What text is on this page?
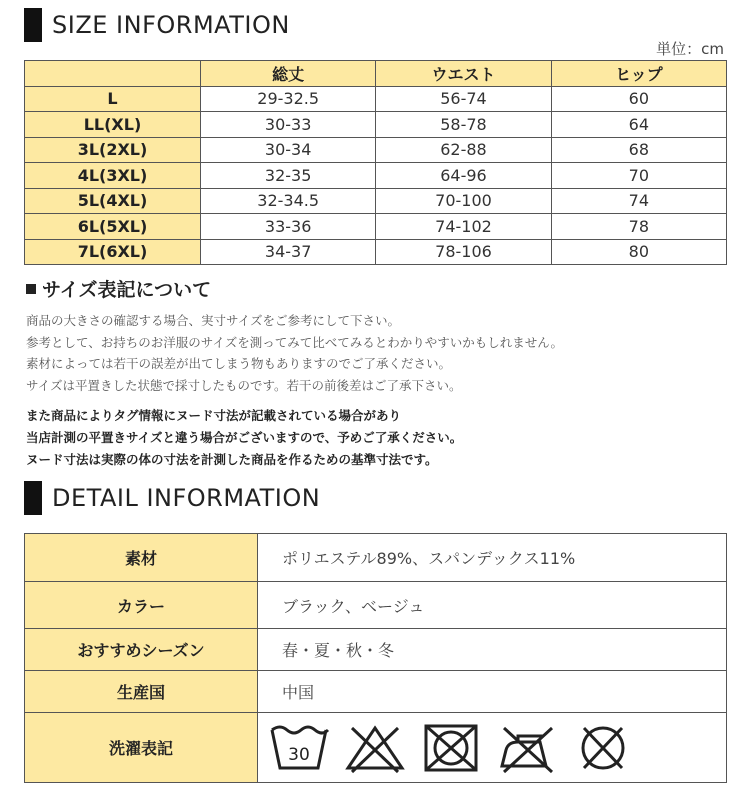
SIZE INFORMATION
単位：cm
	総丈	ウエスト	ヒップ
L	29-32.5	56-74	60
LL(XL)	30-33	58-78	64
3L(2XL)	30-34	62-88	68
4L(3XL)	32-35	64-96	70
5L(4XL)	32-34.5	70-100	74
6L(5XL)	33-36	74-102	78
7L(6XL)	34-37	78-106	80
サイズ表記について
商品の大きさの確認する場合、実寸サイズをご参考にして下さい。
参考として、お持ちのお洋服のサイズを測ってみて比べてみるとわかりやすいかもしれません。
素材によっては若干の誤差が出てしまう物もありますのでご了承ください。
サイズは平置きした状態で採寸したものです。若干の前後差はご了承下さい。
また商品によりタグ情報にヌード寸法が記載されている場合があり
当店計測の平置きサイズと違う場合がございますので、予めご了承ください。
ヌード寸法は実際の体の寸法を計測した商品を作るための基準寸法です。
DETAIL INFORMATION
素材	ポリエステル89%、スパンデックス11%
カラー	ブラック、ベージュ
おすすめシーズン	春・夏・秋・冬
生産国	中国
洗濯表記	30
